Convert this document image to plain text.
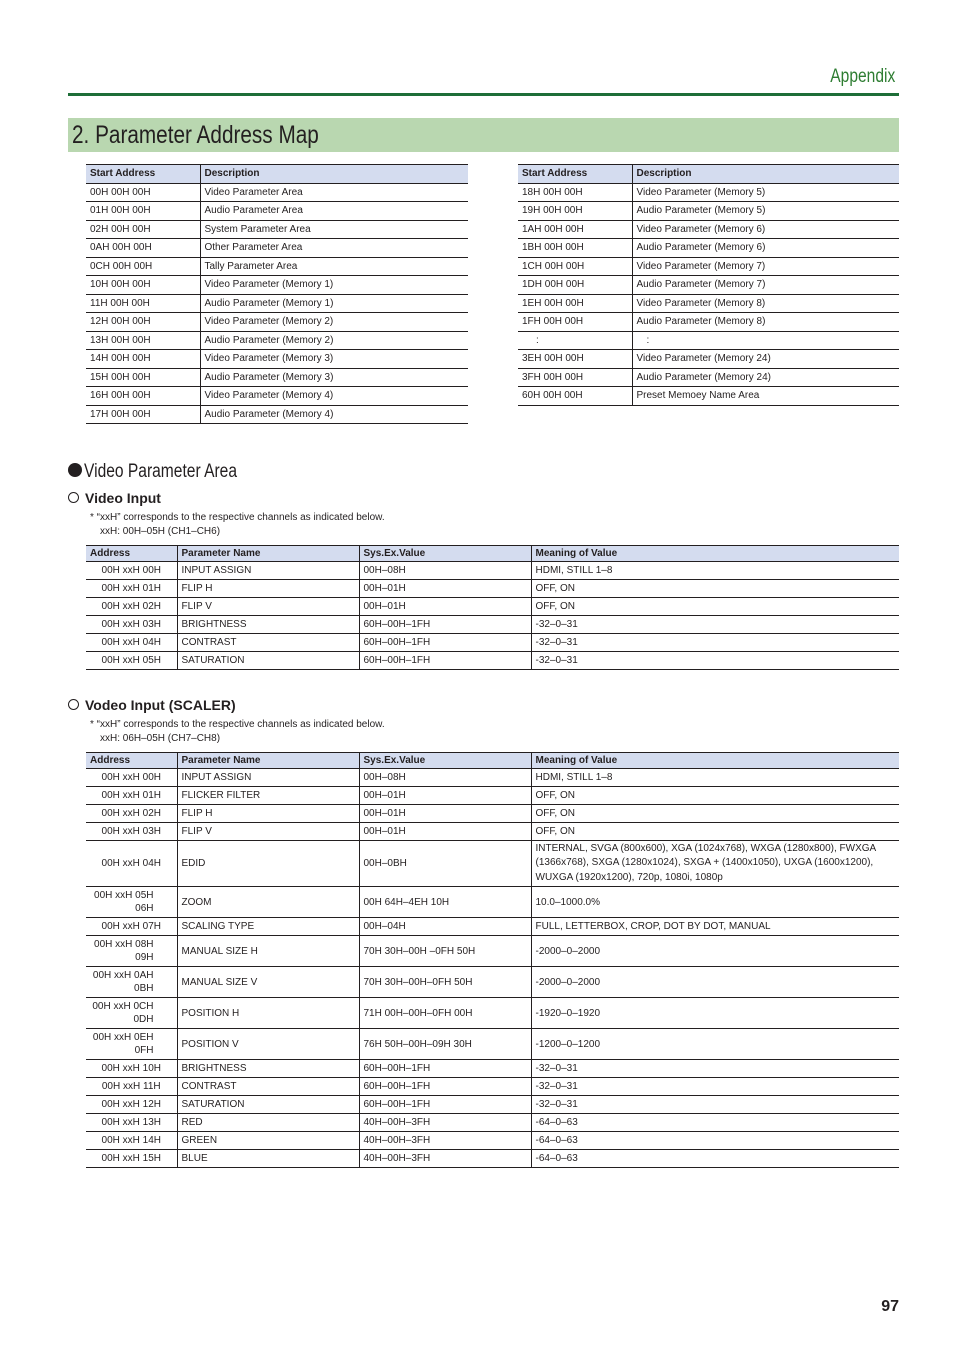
Appendix
2. Parameter Address Map
Start Address	Description
00H 00H 00H	Video Parameter Area
01H 00H 00H	Audio Parameter Area
02H 00H 00H	System Parameter Area
0AH 00H 00H	Other Parameter Area
0CH 00H 00H	Tally Parameter Area
10H 00H 00H	Video Parameter (Memory 1)
11H 00H 00H	Audio Parameter (Memory 1)
12H 00H 00H	Video Parameter (Memory 2)
13H 00H 00H	Audio Parameter (Memory 2)
14H 00H 00H	Video Parameter (Memory 3)
15H 00H 00H	Audio Parameter (Memory 3)
16H 00H 00H	Video Parameter (Memory 4)
17H 00H 00H	Audio Parameter (Memory 4)
Start Address	Description
18H 00H 00H	Video Parameter (Memory 5)
19H 00H 00H	Audio Parameter (Memory 5)
1AH 00H 00H	Video Parameter (Memory 6)
1BH 00H 00H	Audio Parameter (Memory 6)
1CH 00H 00H	Video Parameter (Memory 7)
1DH 00H 00H	Audio Parameter (Memory 7)
1EH 00H 00H	Video Parameter (Memory 8)
1FH 00H 00H	Audio Parameter (Memory 8)
:	:
3EH 00H 00H	Video Parameter (Memory 24)
3FH 00H 00H	Audio Parameter (Memory 24)
60H 00H 00H	Preset Memoey Name Area
Video Parameter Area
Video Input
* “xxH” corresponds to the respective channels as indicated below.
xxH: 00H–05H (CH1–CH6)
Address	Parameter Name	Sys.Ex.Value	Meaning of Value
00H xxH 00H	INPUT ASSIGN	00H–08H	HDMI, STILL 1–8
00H xxH 01H	FLIP H	00H–01H	OFF, ON
00H xxH 02H	FLIP V	00H–01H	OFF, ON
00H xxH 03H	BRIGHTNESS	60H–00H–1FH	-32–0–31
00H xxH 04H	CONTRAST	60H–00H–1FH	-32–0–31
00H xxH 05H	SATURATION	60H–00H–1FH	-32–0–31
Vodeo Input (SCALER)
* “xxH” corresponds to the respective channels as indicated below.
xxH: 06H–05H (CH7–CH8)
Address	Parameter Name	Sys.Ex.Value	Meaning of Value
00H xxH 00H	INPUT ASSIGN	00H–08H	HDMI, STILL 1–8
00H xxH 01H	FLICKER FILTER	00H–01H	OFF, ON
00H xxH 02H	FLIP H	00H–01H	OFF, ON
00H xxH 03H	FLIP V	00H–01H	OFF, ON
00H xxH 04H	EDID	00H–0BH	INTERNAL, SVGA (800x600), XGA (1024x768), WXGA (1280x800), FWXGA (1366x768), SXGA (1280x1024), SXGA + (1400x1050), UXGA (1600x1200), WUXGA (1920x1200), 720p, 1080i, 1080p
00H xxH 05H
06H	ZOOM	00H 64H–4EH 10H	10.0–1000.0%
00H xxH 07H	SCALING TYPE	00H–04H	FULL, LETTERBOX, CROP, DOT BY DOT, MANUAL
00H xxH 08H
09H	MANUAL SIZE H	70H 30H–00H –0FH 50H	-2000–0–2000
00H xxH 0AH
0BH	MANUAL SIZE V	70H 30H–00H–0FH 50H	-2000–0–2000
00H xxH 0CH
0DH	POSITION H	71H 00H–00H–0FH 00H	-1920–0–1920
00H xxH 0EH
0FH	POSITION V	76H 50H–00H–09H 30H	-1200–0–1200
00H xxH 10H	BRIGHTNESS	60H–00H–1FH	-32–0–31
00H xxH 11H	CONTRAST	60H–00H–1FH	-32–0–31
00H xxH 12H	SATURATION	60H–00H–1FH	-32–0–31
00H xxH 13H	RED	40H–00H–3FH	-64–0–63
00H xxH 14H	GREEN	40H–00H–3FH	-64–0–63
00H xxH 15H	BLUE	40H–00H–3FH	-64–0–63
97
